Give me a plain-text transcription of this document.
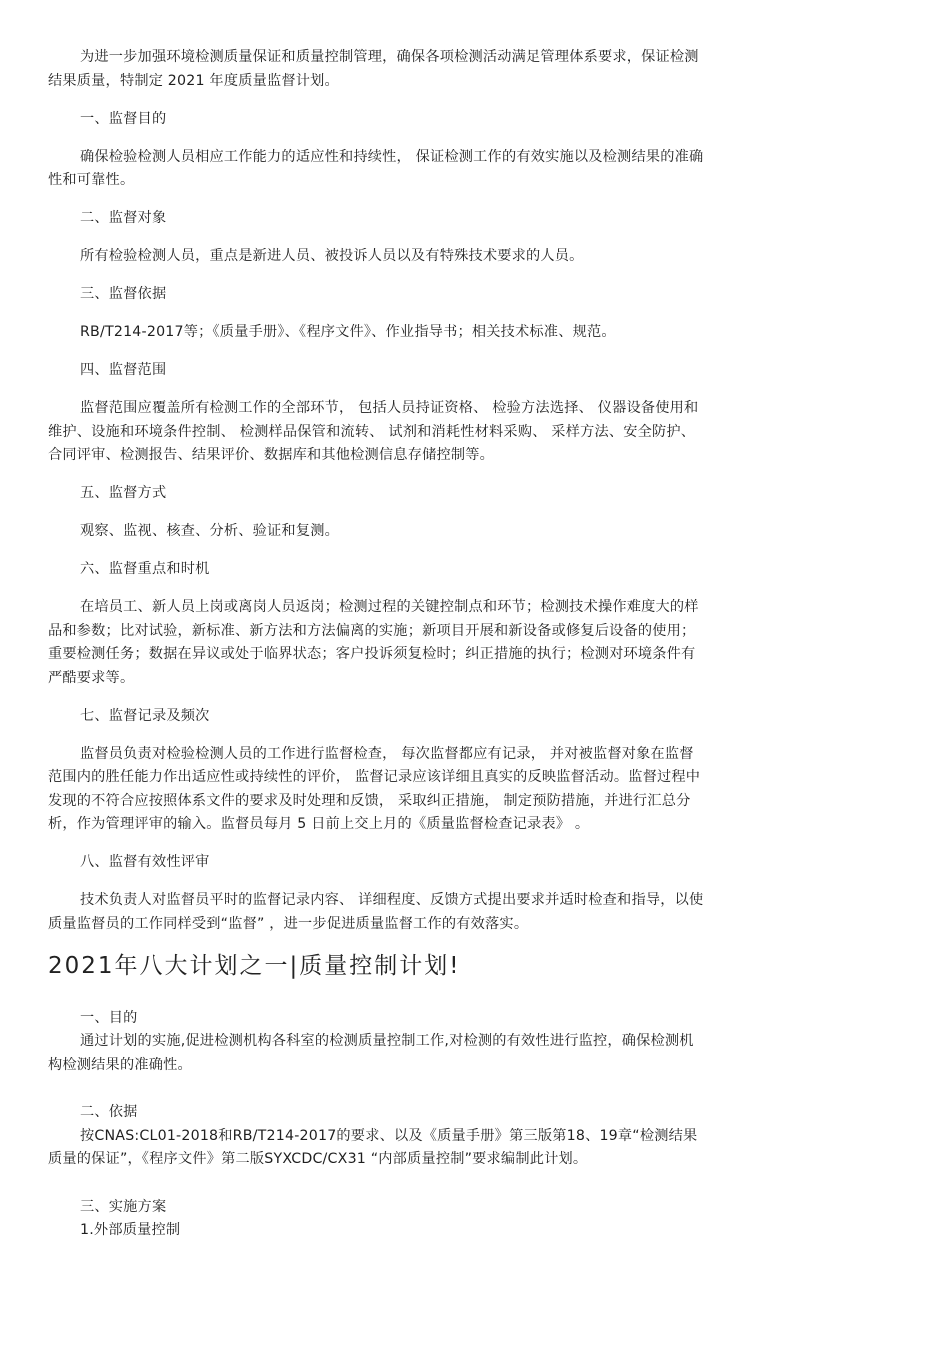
为进一步加强环境检测质量保证和质量控制管理，确保各项检测活动满足管理体系要求，保证检测结果质量，特制定 2021 年度质量监督计划。

一、监督目的

确保检验检测人员相应工作能力的适应性和持续性， 保证检测工作的有效实施以及检测结果的准确性和可靠性。

二、监督对象

所有检验检测人员，重点是新进人员、被投诉人员以及有特殊技术要求的人员。

三、监督依据

RB/T214-2017等；《质量手册》、《程序文件》、作业指导书；相关技术标准、规范。

四、监督范围

监督范围应覆盖所有检测工作的全部环节， 包括人员持证资格、 检验方法选择、 仪器设备使用和维护、设施和环境条件控制、 检测样品保管和流转、 试剂和消耗性材料采购、 采样方法、安全防护、合同评审、检测报告、结果评价、数据库和其他检测信息存储控制等。

五、监督方式

观察、监视、核查、分析、验证和复测。

六、监督重点和时机

在培员工、新人员上岗或离岗人员返岗；检测过程的关键控制点和环节；检测技术操作难度大的样品和参数；比对试验，新标准、新方法和方法偏离的实施；新项目开展和新设备或修复后设备的使用；重要检测任务；数据在异议或处于临界状态；客户投诉须复检时；纠正措施的执行；检测对环境条件有严酷要求等。

七、监督记录及频次

监督员负责对检验检测人员的工作进行监督检查， 每次监督都应有记录， 并对被监督对象在监督范围内的胜任能力作出适应性或持续性的评价， 监督记录应该详细且真实的反映监督活动。监督过程中发现的不符合应按照体系文件的要求及时处理和反馈， 采取纠正措施， 制定预防措施，并进行汇总分析，作为管理评审的输入。监督员每月 5 日前上交上月的《质量监督检查记录表》 。

八、监督有效性评审

技术负责人对监督员平时的监督记录内容、 详细程度、反馈方式提出要求并适时检查和指导，以使质量监督员的工作同样受到“监督” ，进一步促进质量监督工作的有效落实。

2021年八大计划之一|质量控制计划!

一、目的

通过计划的实施,促进检测机构各科室的检测质量控制工作,对检测的有效性进行监控，确保检测机构检测结果的准确性。

二、依据

按CNAS:CL01-2018和RB/T214-2017的要求、以及《质量手册》第三版第18、19章“检测结果质量的保证”，《程序文件》第二版SYXCDC/CX31 “内部质量控制”要求编制此计划。

三、实施方案

1.外部质量控制
